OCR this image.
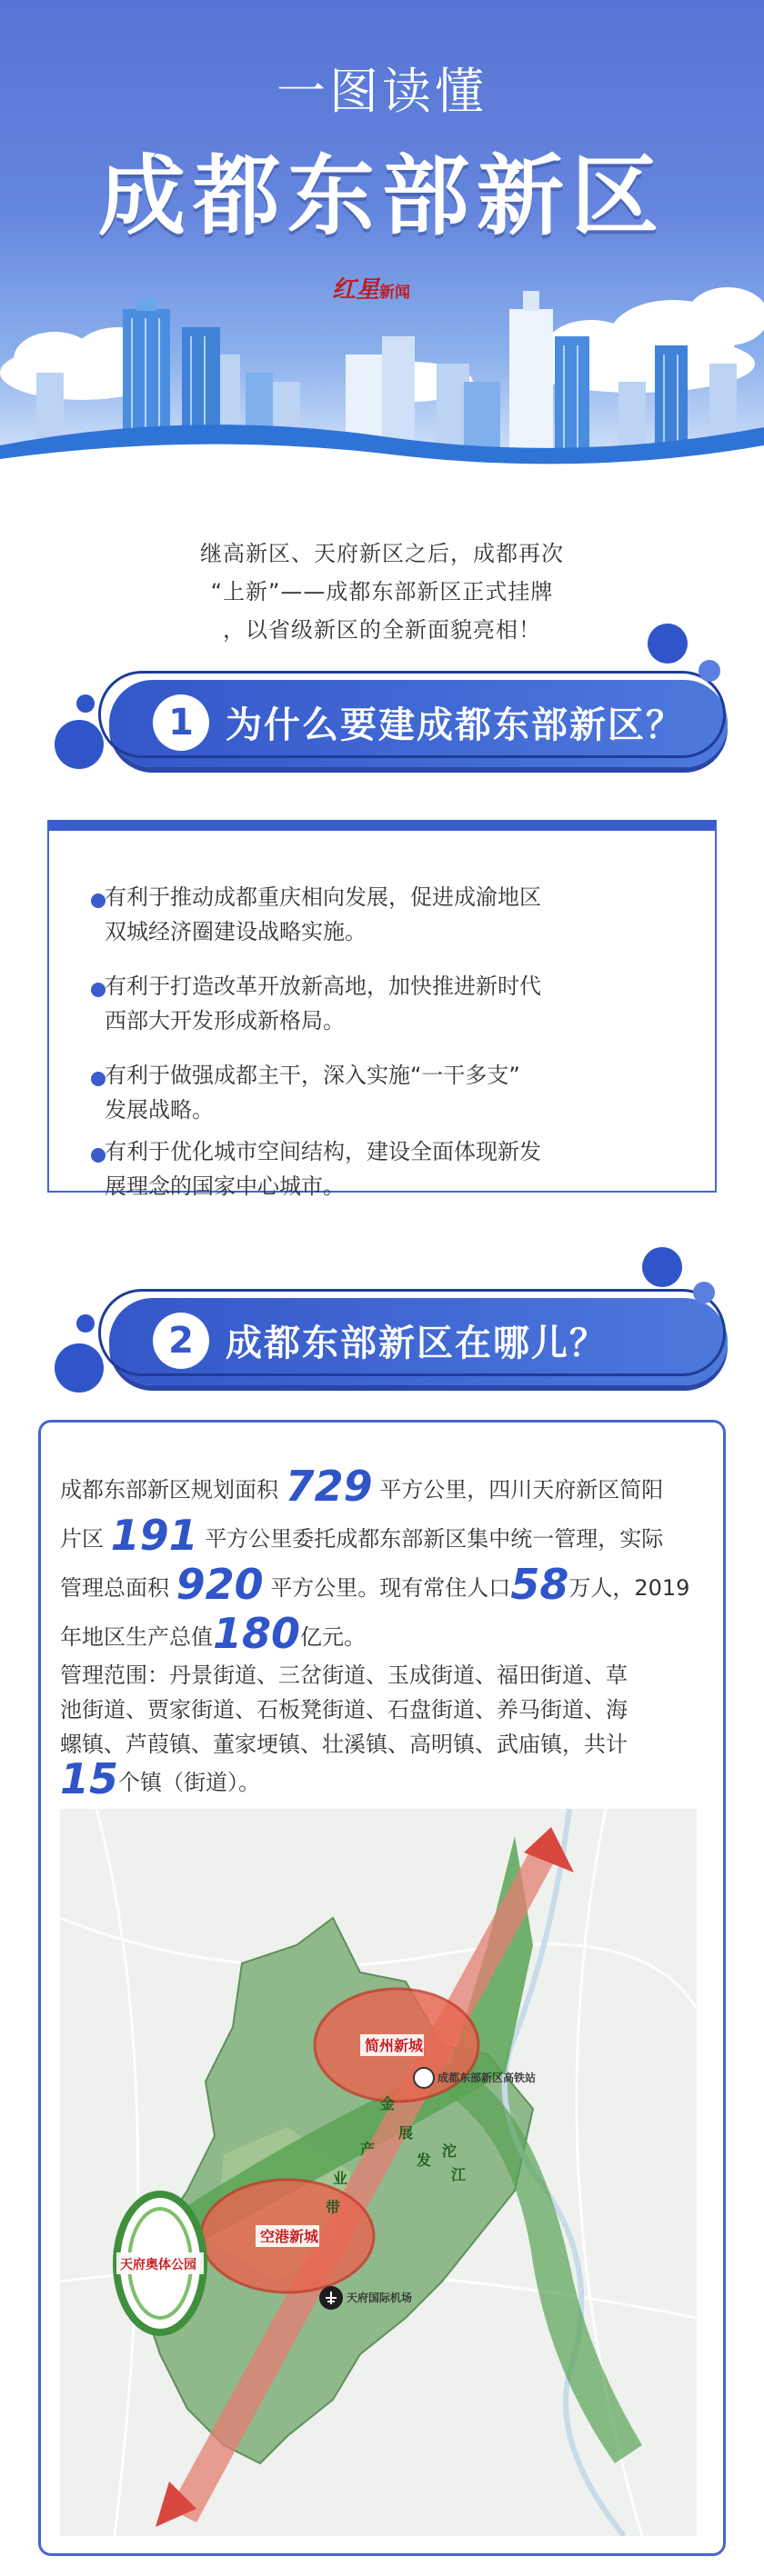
一图读懂
成都东部新区
红星新闻
继高新区、天府新区之后，成都再次
“上新”——成都东部新区正式挂牌
，以省级新区的全新面貌亮相！
1 为什么要建成都东部新区？
有利于推动成都重庆相向发展，促进成渝地区
双城经济圈建设战略实施。
有利于打造改革开放新高地，加快推进新时代
西部大开发形成新格局。
有利于做强成都主干，深入实施“一干多支”
发展战略。
有利于优化城市空间结构，建设全面体现新发
展理念的国家中心城市。
2 成都东部新区在哪儿？
成都东部新区规划面积 729 平方公里，四川天府新区简阳
片区 191 平方公里委托成都东部新区集中统一管理，实际
管理总面积 920 平方公里。现有常住人口58万人，2019
年地区生产总值180亿元。
管理范围：丹景街道、三岔街道、玉成街道、福田街道、草
池街道、贾家街道、石板凳街道、石盘街道、养马街道、海
螺镇、芦葭镇、董家埂镇、壮溪镇、高明镇、武庙镇，共计
15个镇（街道）。
简州新城
空港新城
天府奥体公园
成都东部新区高铁站
天府国际机场
金
沱
江
产
业
带
发
展
